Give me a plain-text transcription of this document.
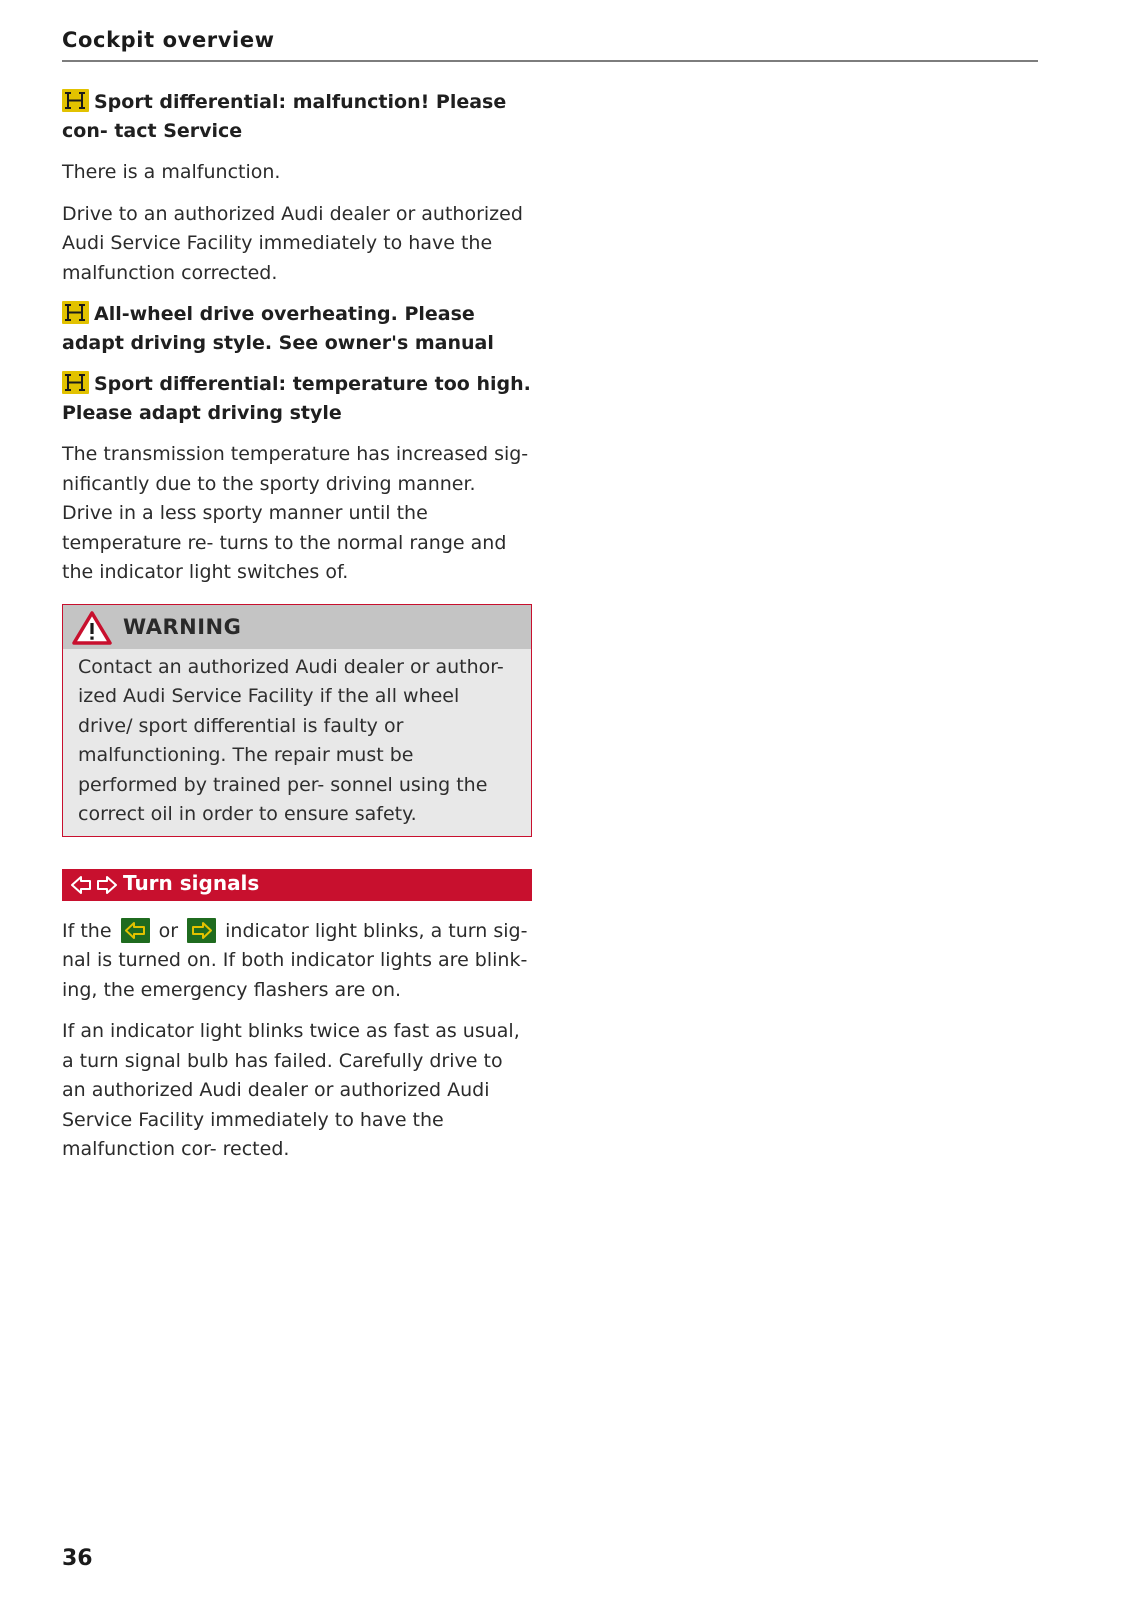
Cockpit overview
Sport differential: malfunction! Please con- tact Service

There is a malfunction.

Drive to an authorized Audi dealer or authorized Audi Service Facility immediately to have the malfunction corrected.

All-wheel drive overheating. Please adapt driving style. See owner's manual
Sport differential: temperature too high. Please adapt driving style

The transmission temperature has increased sig- nificantly due to the sporty driving manner. Drive in a less sporty manner until the temperature re- turns to the normal range and the indicator light switches of.

WARNING
Contact an authorized Audi dealer or author- ized Audi Service Facility if the all wheel drive/ sport differential is faulty or malfunctioning. The repair must be performed by trained per- sonnel using the correct oil in order to ensure safety.
Turn signals

If the or indicator light blinks, a turn sig- nal is turned on. If both indicator lights are blink- ing, the emergency flashers are on.

If an indicator light blinks twice as fast as usual, a turn signal bulb has failed. Carefully drive to an authorized Audi dealer or authorized Audi Service Facility immediately to have the malfunction cor- rected.

36
